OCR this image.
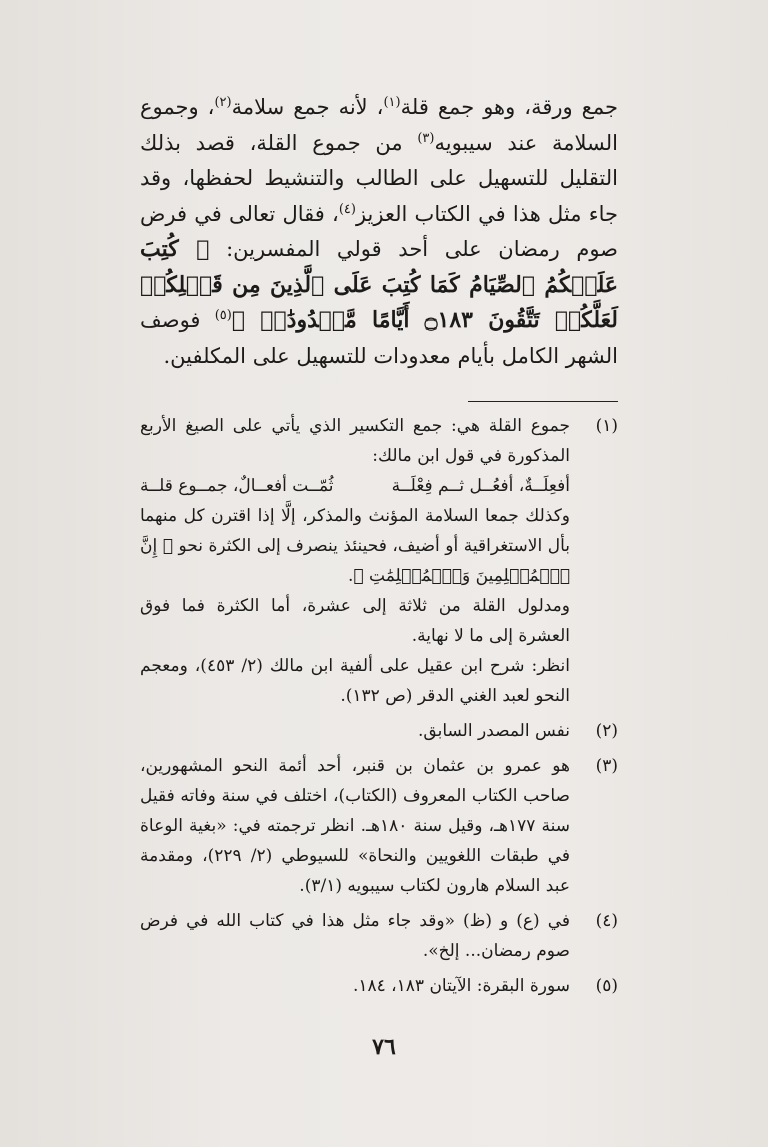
جمع ورقة، وهو جمع قلة$^{(١)}$، لأنه جمع سلامة$^{(٢)}$، وجموع السلامة عند سيبويه$^{(٣)}$ من جموع القلة، قصد بذلك التقليل للتسهيل على الطالب والتنشيط لحفظها، وقد جاء مثل هذا في الكتاب العزيز$^{(٤)}$، فقال تعالى في فرض صوم رمضان على أحد قولي المفسرين: ﴿ كُتِبَ عَلَيۡكُمُ ٱلصِّيَامُ كَمَا كُتِبَ عَلَى ٱلَّذِينَ مِن قَبۡلِكُمۡ لَعَلَّكُمۡ تَتَّقُونَ ۝١٨٣ أَيَّامًا مَّعۡدُودَٰتٖ ﴾$^{(٥)}$ فوصف الشهر الكامل بأيام معدودات للتسهيل على المكلفين.

(١)

جموع القلة هي: جمع التكسير الذي يأتي على الصيغ الأربع المذكورة في قول ابن مالك:

أفعِلَــةٌ، أفعُــل ثــم فِعْلَــة
ثُمّــت أفعــالٌ، جمــوع قلــة

وكذلك جمعا السلامة المؤنث والمذكر، إلَّا إذا اقترن كل منهما بأل الاستغراقية أو أضيف، فحينئذ ينصرف إلى الكثرة نحو ﴿ إِنَّ ٱلۡمُسۡلِمِينَ وَٱلۡمُسۡلِمَٰتِ ﴾.

ومدلول القلة من ثلاثة إلى عشرة، أما الكثرة فما فوق العشرة إلى ما لا نهاية.

انظر: شرح ابن عقيل على ألفية ابن مالك (٢/ ٤٥٣)، ومعجم النحو لعبد الغني الدقر (ص ١٣٢).

(٢)
نفس المصدر السابق.
(٣)
هو عمرو بن عثمان بن قنبر، أحد أئمة النحو المشهورين، صاحب الكتاب المعروف (الكتاب)، اختلف في سنة وفاته فقيل سنة ١٧٧هـ، وقيل سنة ١٨٠هـ. انظر ترجمته في: «بغية الوعاة في طبقات اللغويين والنحاة» للسيوطي (٢/ ٢٢٩)، ومقدمة عبد السلام هارون لكتاب سيبويه (٣/١).
(٤)
في (ع) و (ظ) «وقد جاء مثل هذا في كتاب الله في فرض صوم رمضان... إلخ».
(٥)
سورة البقرة: الآيتان ١٨٣، ١٨٤.
٧٦
